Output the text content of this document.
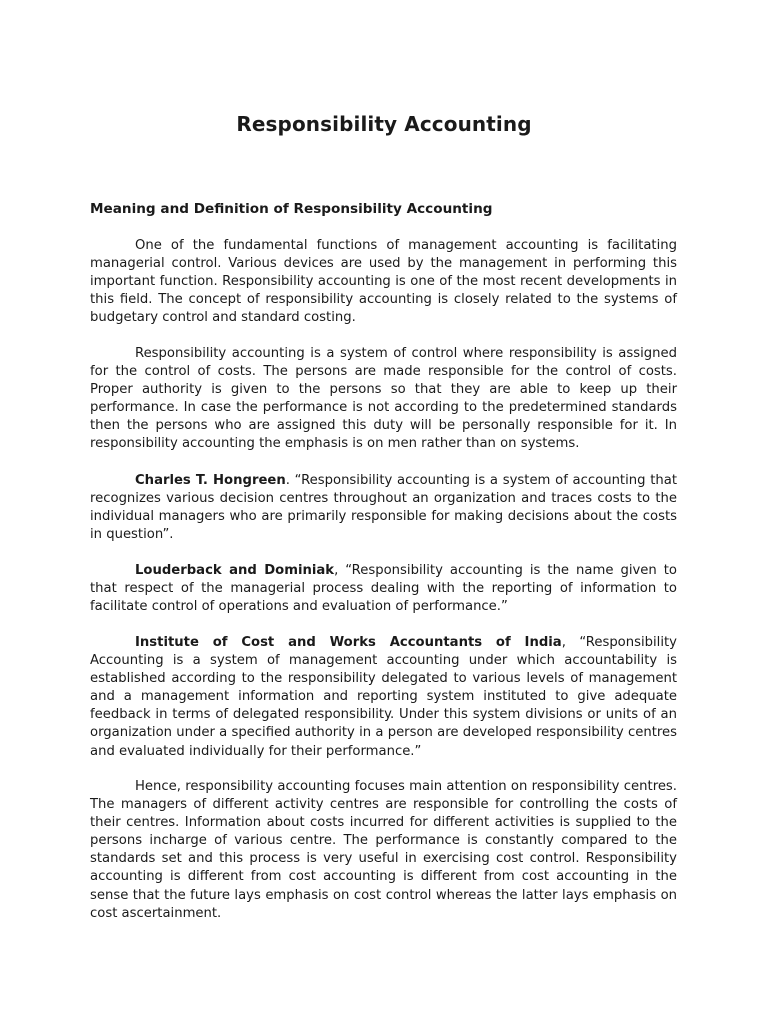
Responsibility Accounting
Meaning and Definition of Responsibility Accounting

One of the fundamental functions of management accounting is facilitating managerial control. Various devices are used by the management in performing this important function. Responsibility accounting is one of the most recent developments in this field. The concept of responsibility accounting is closely related to the systems of budgetary control and standard costing.

Responsibility accounting is a system of control where responsibility is assigned for the control of costs. The persons are made responsible for the control of costs. Proper authority is given to the persons so that they are able to keep up their performance. In case the performance is not according to the predetermined standards then the persons who are assigned this duty will be personally responsible for it. In responsibility accounting the emphasis is on men rather than on systems.

Charles T. Hongreen. “Responsibility accounting is a system of accounting that recognizes various decision centres throughout an organization and traces costs to the individual managers who are primarily responsible for making decisions about the costs in question”.

Louderback and Dominiak, “Responsibility accounting is the name given to that respect of the managerial process dealing with the reporting of information to facilitate control of operations and evaluation of performance.”

Institute of Cost and Works Accountants of India, “Responsibility Accounting is a system of management accounting under which accountability is established according to the responsibility delegated to various levels of management and a management information and reporting system instituted to give adequate feedback in terms of delegated responsibility. Under this system divisions or units of an organization under a specified authority in a person are developed responsibility centres and evaluated individually for their performance.”

Hence, responsibility accounting focuses main attention on responsibility centres. The managers of different activity centres are responsible for controlling the costs of their centres. Information about costs incurred for different activities is supplied to the persons incharge of various centre. The performance is constantly compared to the standards set and this process is very useful in exercising cost control. Responsibility accounting is different from cost accounting is different from cost accounting in the sense that the future lays emphasis on cost control whereas the latter lays emphasis on cost ascertainment.
